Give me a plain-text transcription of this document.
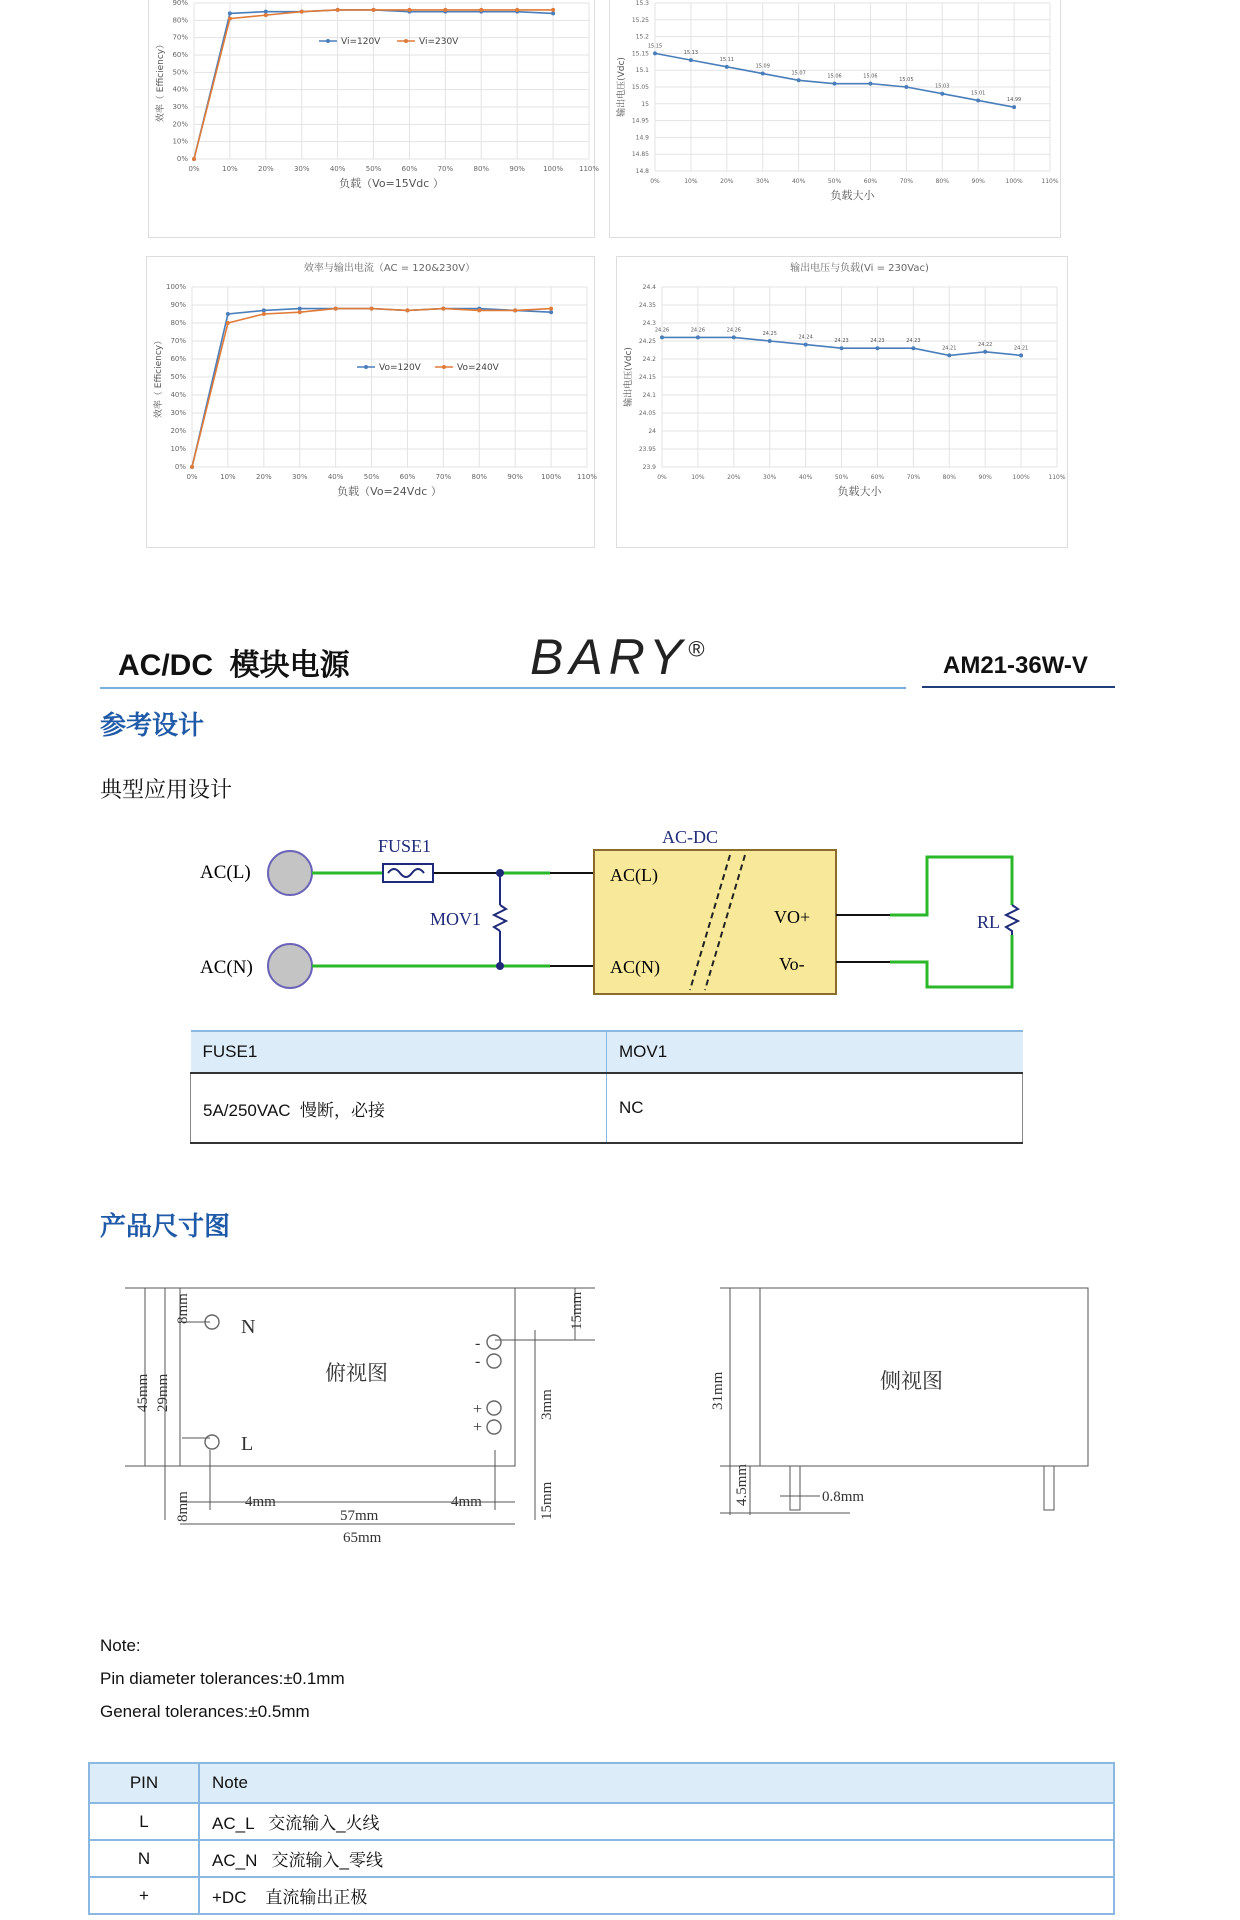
0%
10%
20%
30%
40%
50%
60%
70%
80%
90%
0%	10%	20%	30%	40%	50%	60%	70%	80%	90%	100% 110%
负载（Vo=15Vdc ）
效率（ Efficiency）	Vi=120V	Vi=230V
14.8
14.85
14.9
14.95
15
15.05
15.1
15.15
15.2
15.25
15.3
0%	10%	20%	30%	40%	50%	60%	70%	80%	90%	100%	110%
15.15
15.13
15.11
15.09
15.07
15.06	15.06
15.05
15.03
15.01
14.99
负载大小
输出电压(Vdc)
0%
10%
20%
30%
40%
50%
60%
70%
80%
90%
100%
0%	10%	20%	30%	40%	50%	60%	70%	80%	90%	100% 110%
效率与输出电流（AC = 120&230V）
负载（Vo=24Vdc ）
效率（ Efficiency）	Vo=120V	Vo=240V
23.9
23.95
24
24.05
24.1
24.15
24.2
24.25
24.3
24.35
24.4
0%	10%	20%	30%	40%	50%	60%	70%	80%	90%	100%	110%
24.26	24.26	24.26
24.25
24.24
24.23	24.23	24.23
24.21
24.22
24.21
输出电压与负载(Vi = 230Vac)
负载大小
输出电压(Vdc)
AC/DC  模块电源	BARY®
AM21-36W-V
参考设计
典型应用设计
AC(L)
AC(N)
FUSE1
MOV1
AC-DC
AC(L)
AC(N)
VO+
Vo-
RL
FUSE1	MOV1
5A/250VAC  慢断，必接	NC
产品尺寸图
N
L
俯视图
-
-
+
+
4mm	4mm
57mm
65mm
45mm 29mm
8mm
8mm
3mm
15mm
15mm
侧视图
31mm
4.5mm	0.8mm
Note:
Pin diameter tolerances:±0.1mm
General tolerances:±0.5mm
PIN	Note
L	AC_L   交流输入_火线
N	AC_N   交流输入_零线
+	+DC    直流输出正极
